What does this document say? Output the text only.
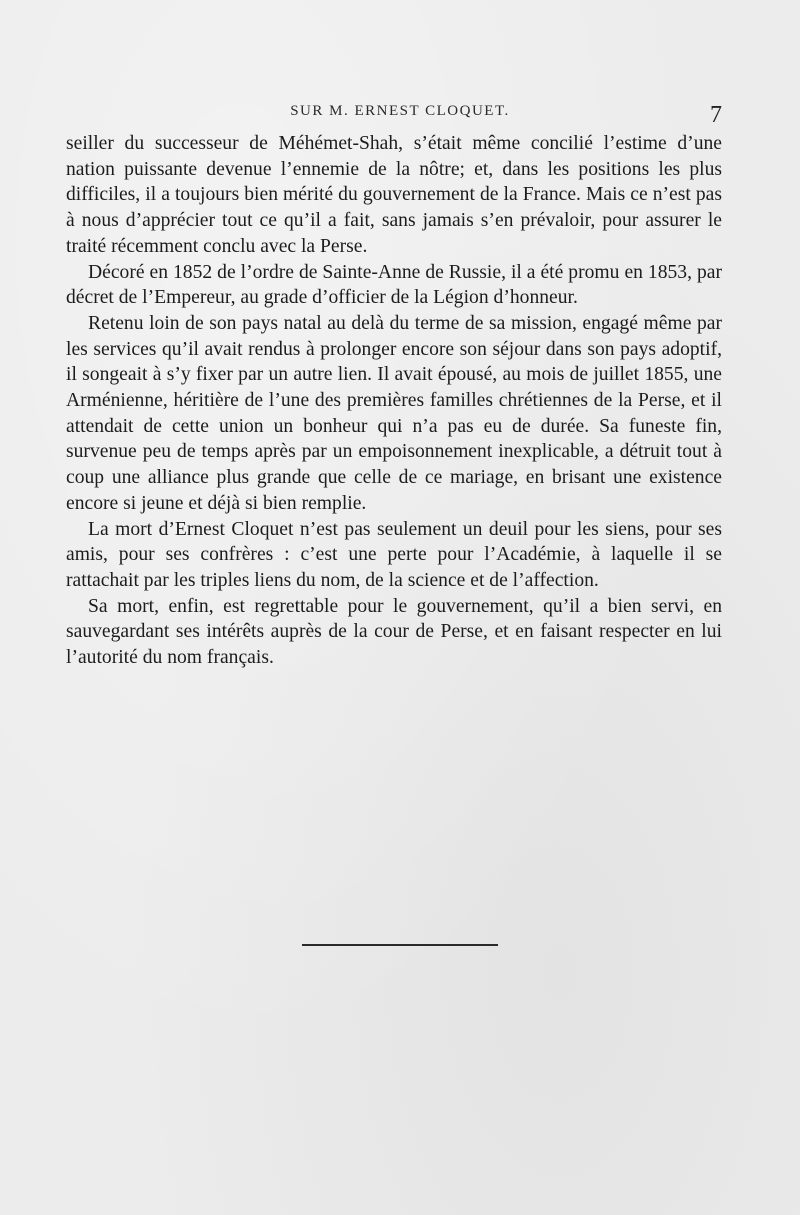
SUR M. ERNEST CLOQUET.	7

seiller du successeur de Méhémet-Shah, s’était même concilié l’estime d’une nation puissante devenue l’ennemie de la nôtre; et, dans les positions les plus difficiles, il a toujours bien mérité du gouvernement de la France. Mais ce n’est pas à nous d’apprécier tout ce qu’il a fait, sans jamais s’en prévaloir, pour assurer le traité récemment conclu avec la Perse.

Décoré en 1852 de l’ordre de Sainte-Anne de Russie, il a été promu en 1853, par décret de l’Empereur, au grade d’officier de la Légion d’honneur.

Retenu loin de son pays natal au delà du terme de sa mission, engagé même par les services qu’il avait rendus à prolonger encore son séjour dans son pays adoptif, il songeait à s’y fixer par un autre lien. Il avait épousé, au mois de juillet 1855, une Arménienne, héritière de l’une des premières familles chrétiennes de la Perse, et il attendait de cette union un bonheur qui n’a pas eu de durée. Sa funeste fin, survenue peu de temps après par un empoisonnement inexplicable, a détruit tout à coup une alliance plus grande que celle de ce mariage, en brisant une existence encore si jeune et déjà si bien remplie.

La mort d’Ernest Cloquet n’est pas seulement un deuil pour les siens, pour ses amis, pour ses confrères : c’est une perte pour l’Académie, à laquelle il se rattachait par les triples liens du nom, de la science et de l’affection.

Sa mort, enfin, est regrettable pour le gouvernement, qu’il a bien servi, en sauvegardant ses intérêts auprès de la cour de Perse, et en faisant respecter en lui l’autorité du nom français.
